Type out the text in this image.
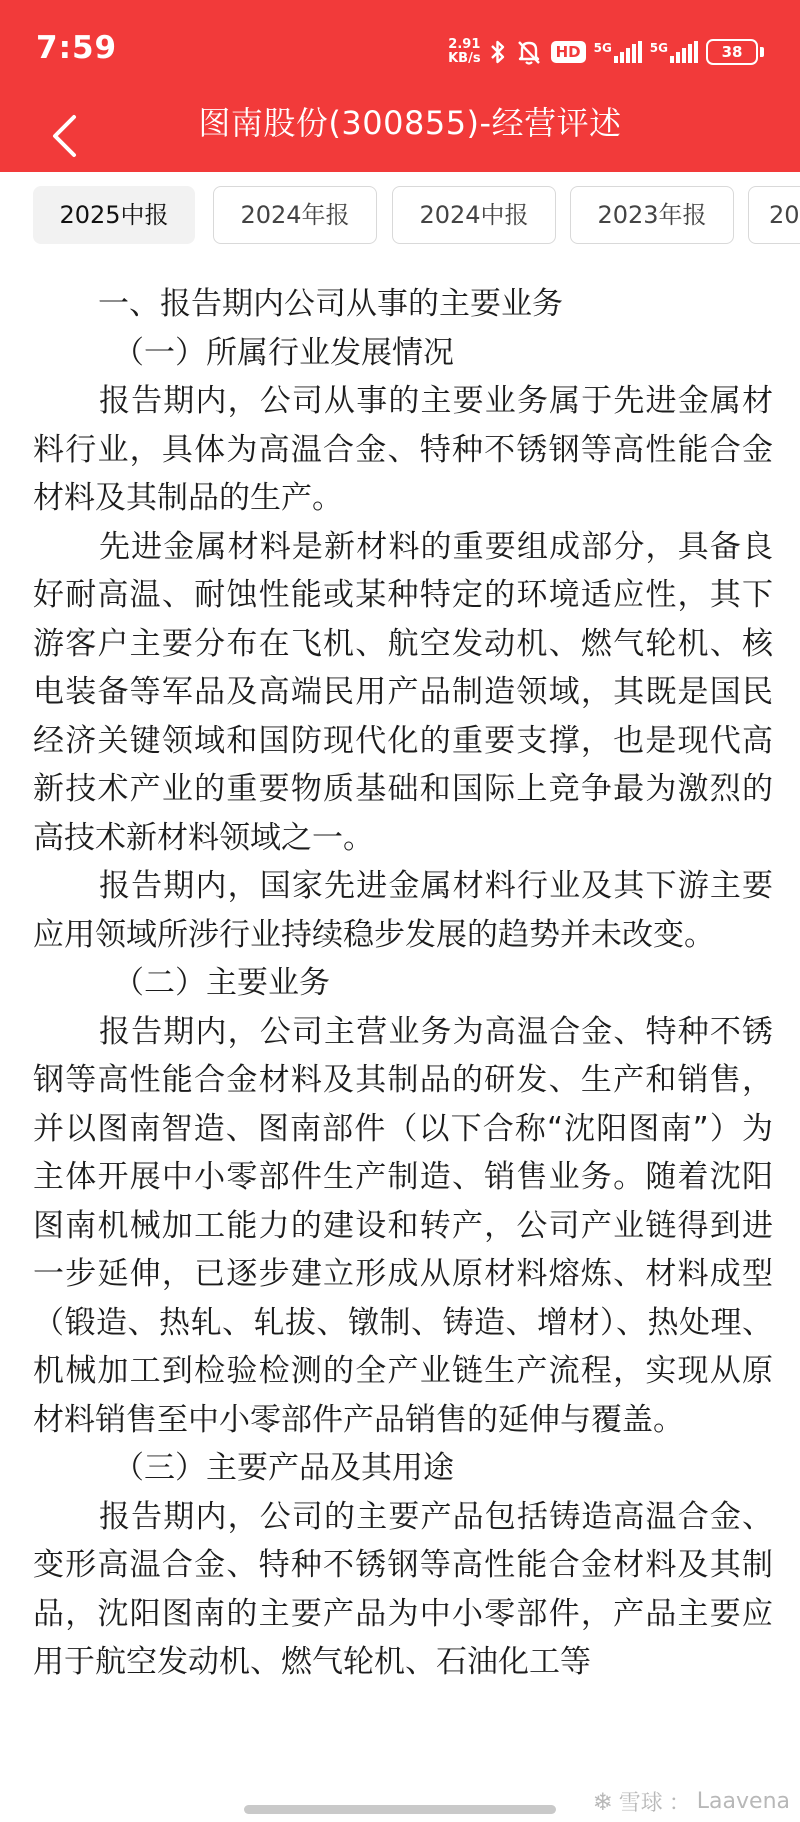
7:59	2.91
KB/s	HD	5G	5G	38
图南股份(300855)-经营评述
2025中报	2024年报	2024中报	2023年报	20

一、报告期内公司从事的主要业务

（一）所属行业发展情况

报告期内，公司从事的主要业务属于先进金属材料行业，具体为高温合金、特种不锈钢等高性能合金材料及其制品的生产。

先进金属材料是新材料的重要组成部分，具备良好耐高温、耐蚀性能或某种特定的环境适应性，其下游客户主要分布在飞机、航空发动机、燃气轮机、核电装备等军品及高端民用产品制造领域，其既是国民经济关键领域和国防现代化的重要支撑，也是现代高新技术产业的重要物质基础和国际上竞争最为激烈的高技术新材料领域之一。

报告期内，国家先进金属材料行业及其下游主要应用领域所涉行业持续稳步发展的趋势并未改变。

（二）主要业务

报告期内，公司主营业务为高温合金、特种不锈钢等高性能合金材料及其制品的研发、生产和销售，并以图南智造、图南部件（以下合称“沈阳图南”）为主体开展中小零部件生产制造、销售业务。随着沈阳图南机械加工能力的建设和转产，公司产业链得到进一步延伸，已逐步建立形成从原材料熔炼、材料成型（锻造、热轧、轧拔、镦制、铸造、增材）、热处理、机械加工到检验检测的全产业链生产流程，实现从原材料销售至中小零部件产品销售的延伸与覆盖。

（三）主要产品及其用途

报告期内，公司的主要产品包括铸造高温合金、变形高温合金、特种不锈钢等高性能合金材料及其制品，沈阳图南的主要产品为中小零部件，产品主要应用于航空发动机、燃气轮机、石油化工等

❄ 雪球 ： Laavena
